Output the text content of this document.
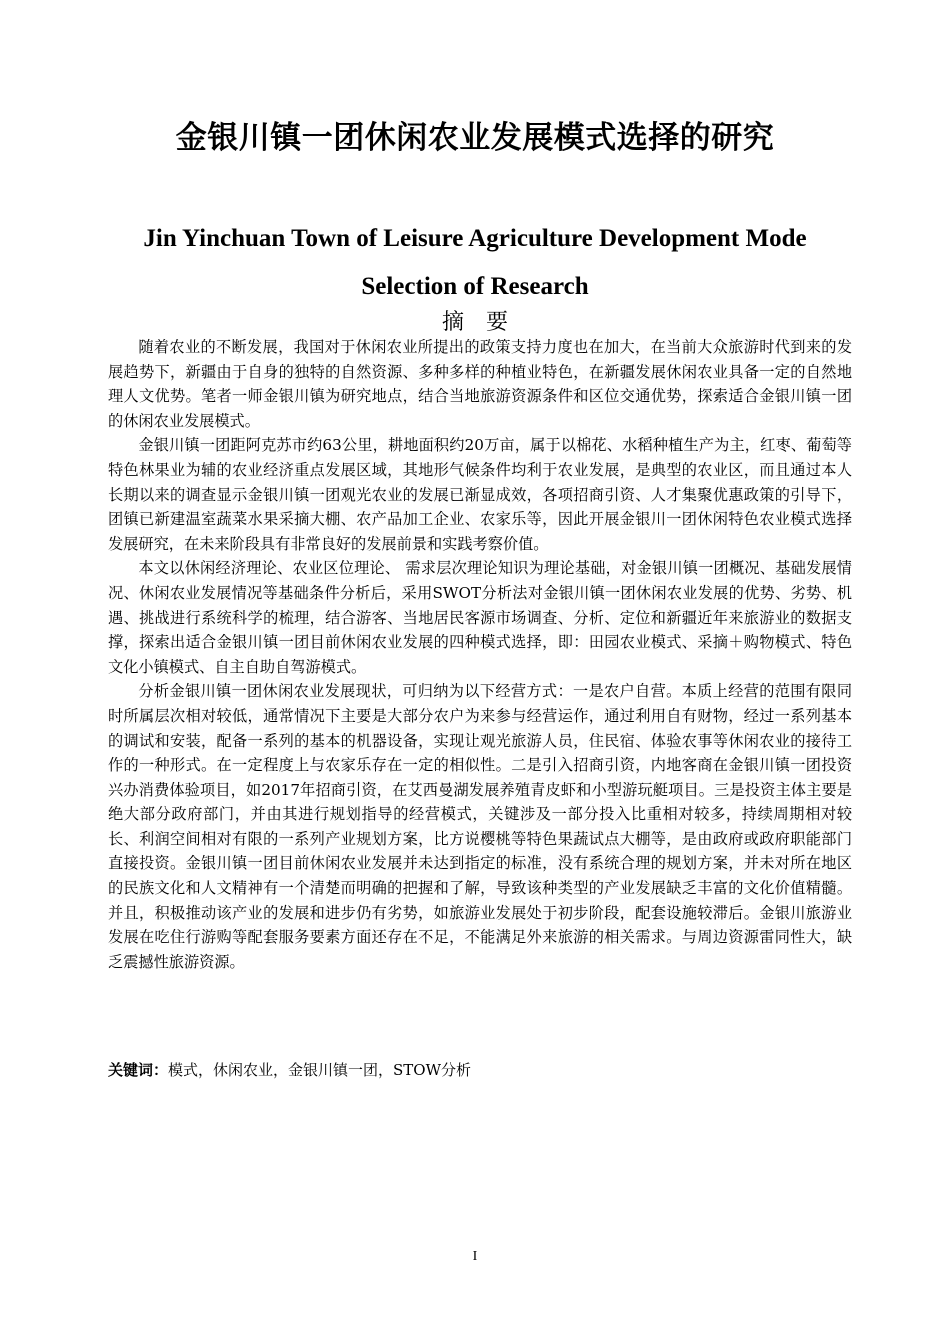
金银川镇一团休闲农业发展模式选择的研究
Jin Yinchuan Town of Leisure Agriculture Development Mode
Selection of Research
摘要

随着农业的不断发展，我国对于休闲农业所提出的政策支持力度也在加大，在当前大众旅游时代到来的发展趋势下，新疆由于自身的独特的自然资源、多种多样的种植业特色，在新疆发展休闲农业具备一定的自然地理人文优势。笔者一师金银川镇为研究地点，结合当地旅游资源条件和区位交通优势，探索适合金银川镇一团的休闲农业发展模式。

金银川镇一团距阿克苏市约63公里，耕地面积约20万亩，属于以棉花、水稻种植生产为主，红枣、葡萄等特色林果业为辅的农业经济重点发展区域，其地形气候条件均利于农业发展，是典型的农业区，而且通过本人长期以来的调查显示金银川镇一团观光农业的发展已渐显成效，各项招商引资、人才集聚优惠政策的引导下，团镇已新建温室蔬菜水果采摘大棚、农产品加工企业、农家乐等，因此开展金银川一团休闲特色农业模式选择发展研究，在未来阶段具有非常良好的发展前景和实践考察价值。

本文以休闲经济理论、农业区位理论、 需求层次理论知识为理论基础，对金银川镇一团概况、基础发展情况、休闲农业发展情况等基础条件分析后，采用SWOT分析法对金银川镇一团休闲农业发展的优势、劣势、机遇、挑战进行系统科学的梳理，结合游客、当地居民客源市场调查、分析、定位和新疆近年来旅游业的数据支撑，探索出适合金银川镇一团目前休闲农业发展的四种模式选择，即：田园农业模式、采摘＋购物模式、特色文化小镇模式、自主自助自驾游模式。

分析金银川镇一团休闲农业发展现状，可归纳为以下经营方式：一是农户自营。本质上经营的范围有限同时所属层次相对较低，通常情况下主要是大部分农户为来参与经营运作，通过利用自有财物，经过一系列基本的调试和安装，配备一系列的基本的机器设备，实现让观光旅游人员，住民宿、体验农事等休闲农业的接待工作的一种形式。在一定程度上与农家乐存在一定的相似性。二是引入招商引资，内地客商在金银川镇一团投资兴办消费体验项目，如2017年招商引资，在艾西曼湖发展养殖青皮虾和小型游玩艇项目。三是投资主体主要是绝大部分政府部门，并由其进行规划指导的经营模式，关键涉及一部分投入比重相对较多，持续周期相对较长、利润空间相对有限的一系列产业规划方案，比方说樱桃等特色果蔬试点大棚等，是由政府或政府职能部门直接投资。金银川镇一团目前休闲农业发展并未达到指定的标准，没有系统合理的规划方案，并未对所在地区的民族文化和人文精神有一个清楚而明确的把握和了解，导致该种类型的产业发展缺乏丰富的文化价值精髓。并且，积极推动该产业的发展和进步仍有劣势，如旅游业发展处于初步阶段，配套设施较滞后。金银川旅游业发展在吃住行游购等配套服务要素方面还存在不足，不能满足外来旅游的相关需求。与周边资源雷同性大，缺乏震撼性旅游资源。

关键词：模式，休闲农业，金银川镇一团，STOW分析
I
